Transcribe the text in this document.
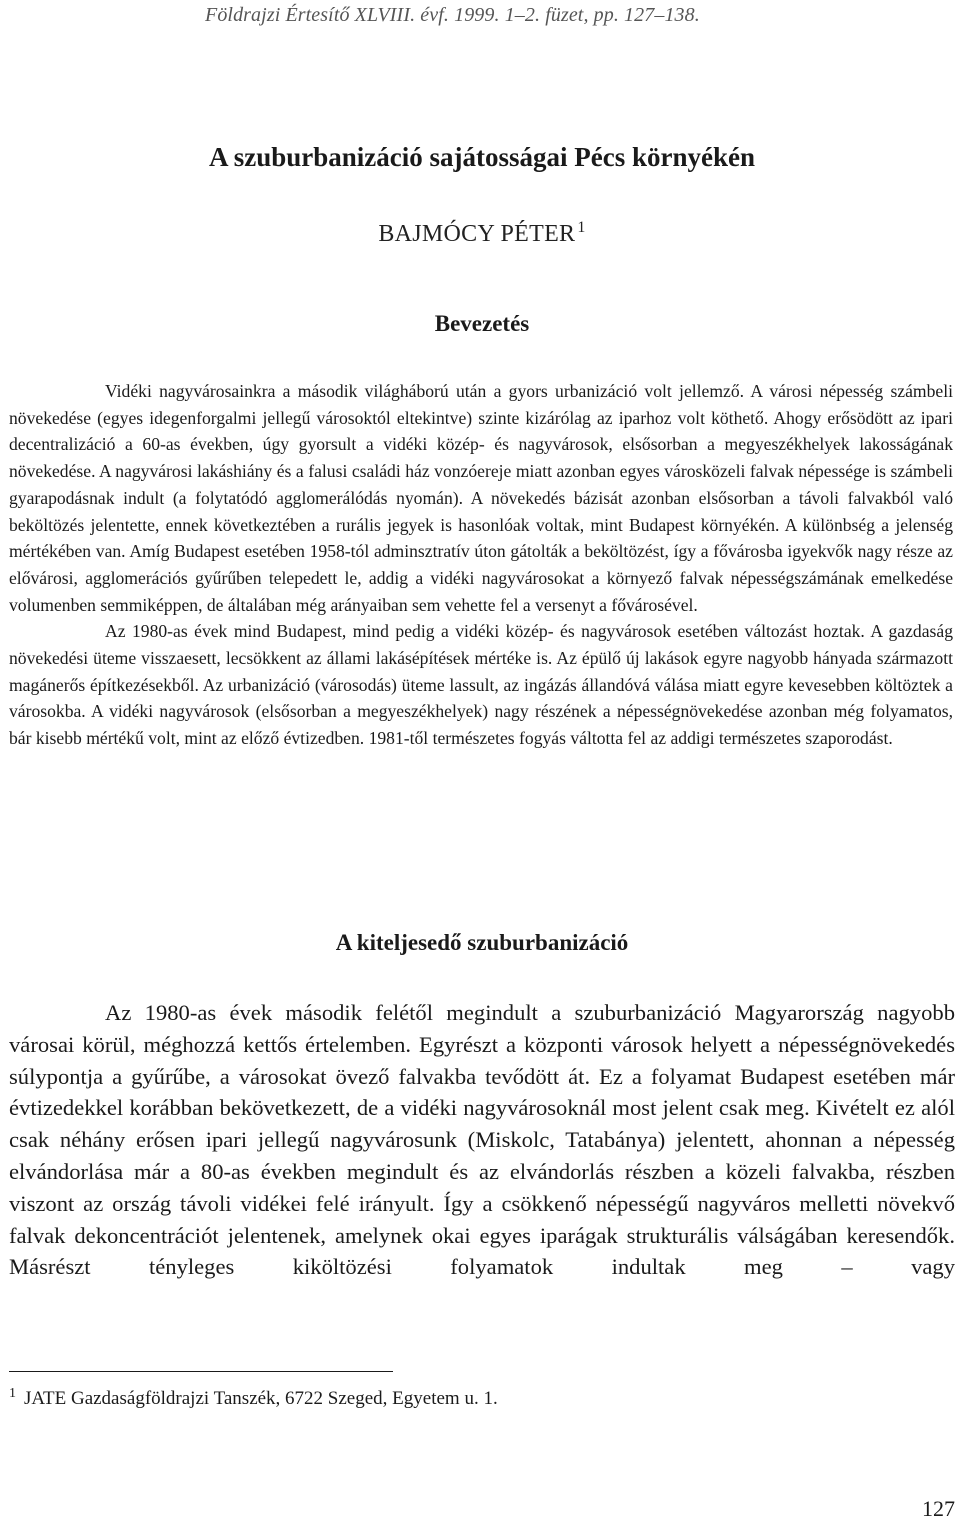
Földrajzi Értesítő XLVIII. évf. 1999. 1–2. füzet, pp. 127–138.
A szuburbanizáció sajátosságai Pécs környékén
BAJMÓCY PÉTER $^1$
Bevezetés

Vidéki nagyvárosainkra a második világháború után a gyors urbanizáció volt jellemző. A városi népesség számbeli növekedése (egyes idegenforgalmi jellegű városoktól eltekintve) szinte kizárólag az iparhoz volt köthető. Ahogy erősödött az ipari decentralizáció a 60-as években, úgy gyorsult a vidéki közép- és nagyvárosok, elsősorban a megyeszékhelyek lakosságának növekedése. A nagyvárosi lakáshiány és a falusi családi ház vonzóereje miatt azonban egyes városközeli falvak népessége is számbeli gyarapodásnak indult (a folytatódó agglomerálódás nyomán). A növekedés bázisát azonban elsősorban a távoli falvakból való beköltözés jelentette, ennek következtében a rurális jegyek is hasonlóak voltak, mint Budapest környékén. A különbség a jelenség mértékében van. Amíg Budapest esetében 1958-tól adminsztratív úton gátolták a beköltözést, így a fővárosba igyekvők nagy része az elővárosi, agglomerációs gyűrűben telepedett le, addig a vidéki nagyvárosokat a környező falvak népességszámának emelkedése volumenben semmiképpen, de általában még arányaiban sem vehette fel a versenyt a fővárosével.

Az 1980-as évek mind Budapest, mind pedig a vidéki közép- és nagyvárosok esetében változást hoztak. A gazdaság növekedési üteme visszaesett, lecsökkent az állami lakásépítések mértéke is. Az épülő új lakások egyre nagyobb hányada származott magánerős építkezésekből. Az urbanizáció (városodás) üteme lassult, az ingázás állandóvá válása miatt egyre kevesebben költöztek a városokba. A vidéki nagyvárosok (elsősorban a megyeszékhelyek) nagy részének a népességnövekedése azonban még folyamatos, bár kisebb mértékű volt, mint az előző évtizedben. 1981-től természetes fogyás váltotta fel az addigi természetes szaporodást.

A kiteljesedő szuburbanizáció

Az 1980-as évek második felétől megindult a szuburbanizáció Magyarország nagyobb városai körül, méghozzá kettős értelemben. Egyrészt a központi városok helyett a népességnövekedés súlypontja a gyűrűbe, a városokat övező falvakba tevődött át. Ez a folyamat Budapest esetében már évtizedekkel korábban bekövetkezett, de a vidéki nagyvárosoknál most jelent csak meg. Kivételt ez alól csak néhány erősen ipari jellegű nagyvárosunk (Miskolc, Tatabánya) jelentett, ahonnan a népesség elvándorlása már a 80-as években megindult és az elvándorlás részben a közeli falvakba, részben viszont az ország távoli vidékei felé irányult. Így a csökkenő népességű nagyváros melletti növekvő falvak dekoncentrációt jelentenek, amelynek okai egyes iparágak strukturális válságában keresendők. Másrészt tényleges kiköltözési folyamatok indultak meg – vagy

$^1$ JATE Gazdaságföldrajzi Tanszék, 6722 Szeged, Egyetem u. 1.
127
